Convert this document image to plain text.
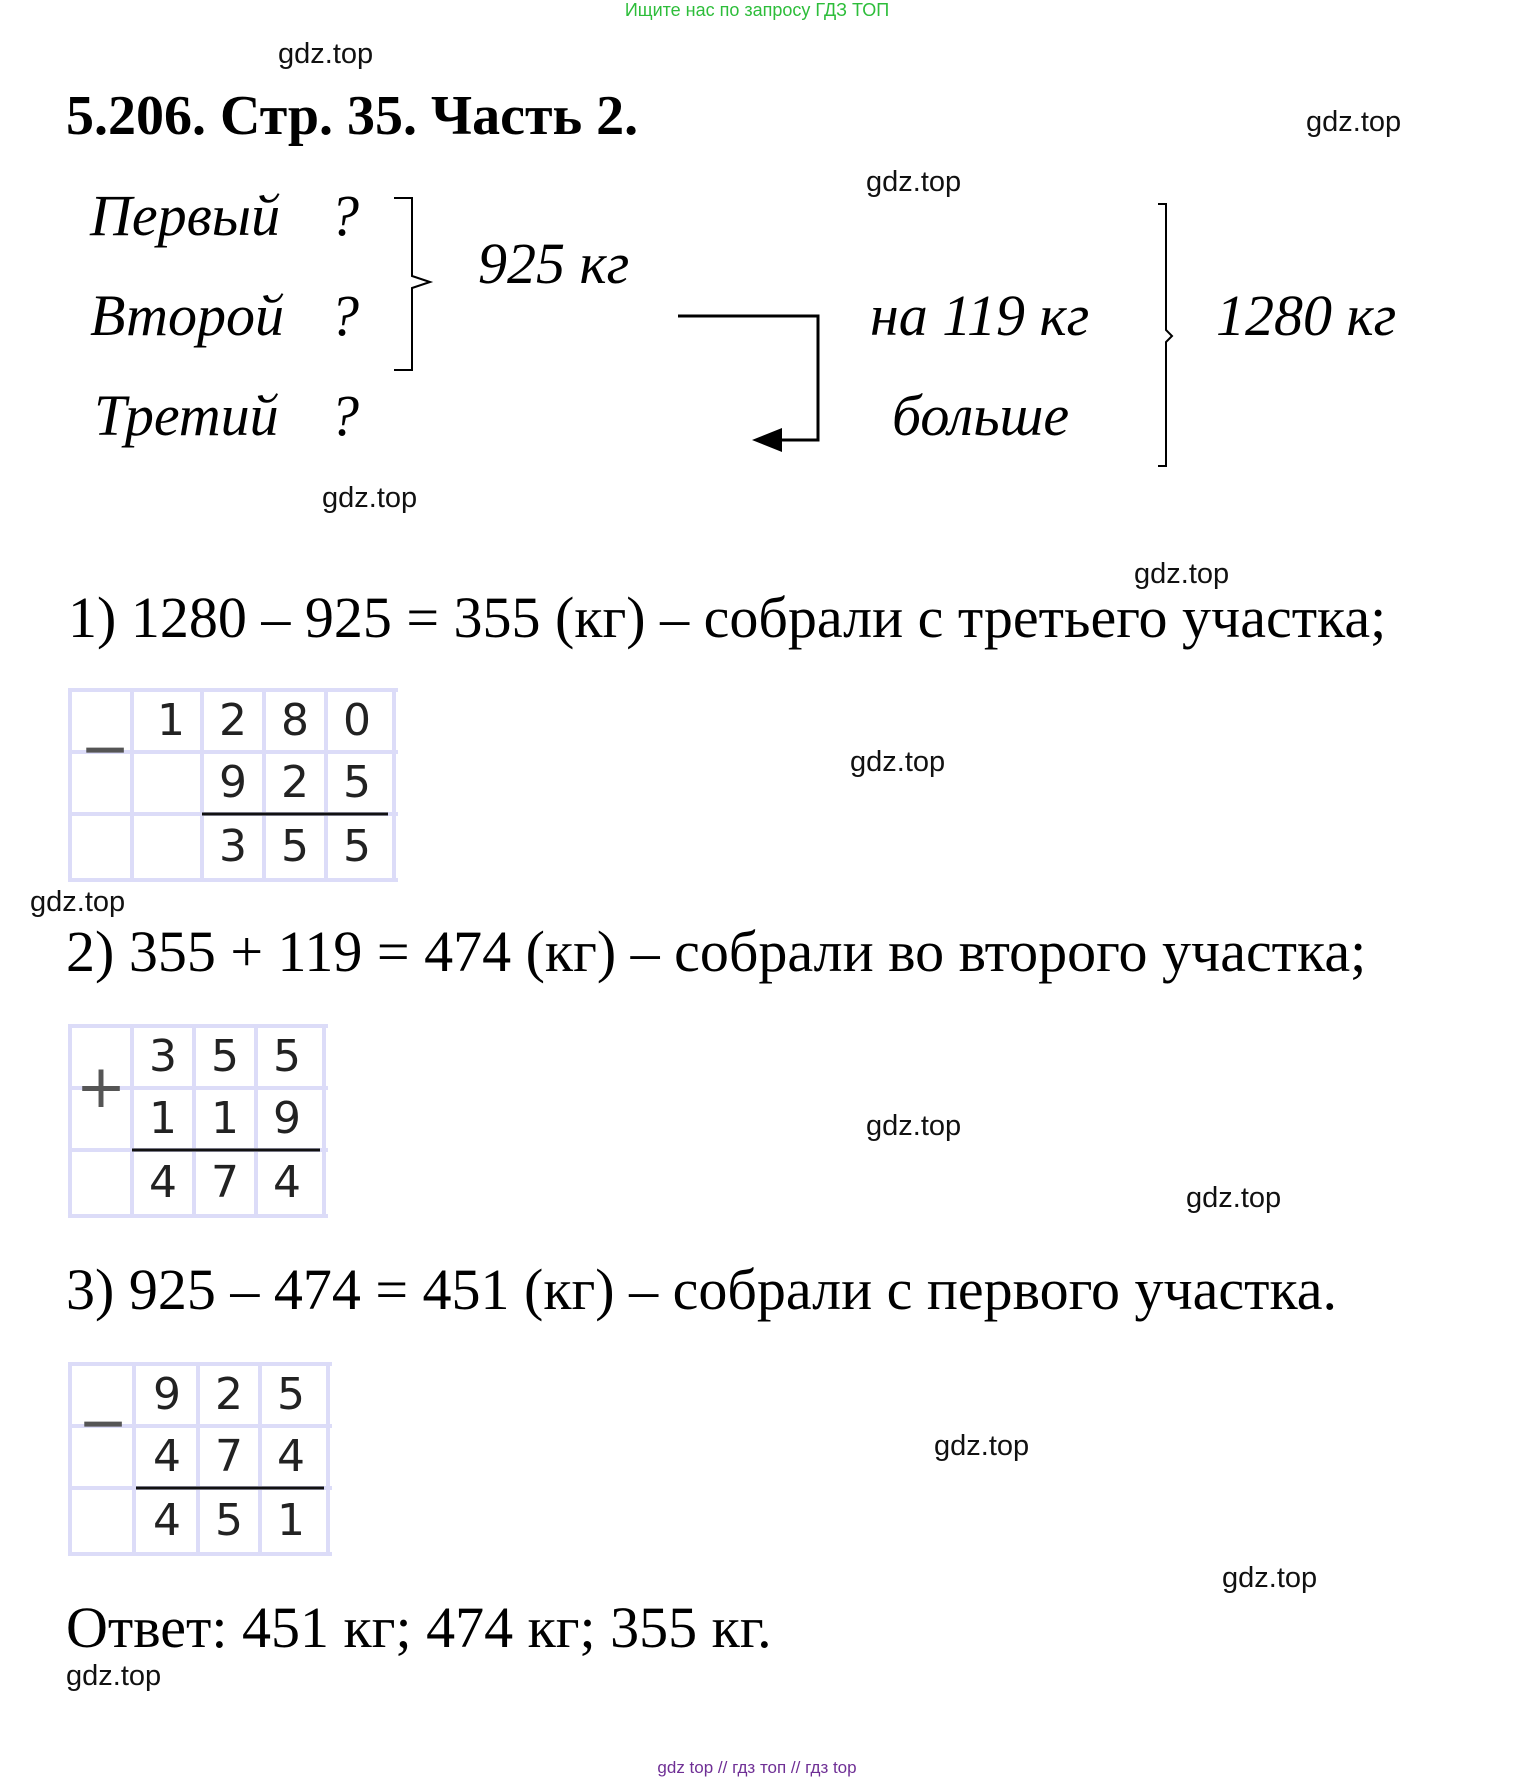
Ищите нас по запросу ГДЗ ТОП
5.206. Стр. 35. Часть 2.
gdz.top
gdz.top
gdz.top
gdz.top
gdz.top
gdz.top
gdz.top
gdz.top
gdz.top
gdz.top
gdz.top
gdz.top
Первый ?
Второй ?
Третий ?
925 кг
на 119 кг
больше
1280 кг
1) 1280 – 925 = 355 (кг) – собрали с третьего участка;
2) 355 + 119 = 474 (кг) – собрали во второго участка;
3) 925 – 474 = 451 (кг) – собрали с первого участка.
− 1 2 8 0
9 2 5
3 5 5
+ 3 5 5
1 1 9
4 7 4
− 9 2 5
4 7 4
4 5 1
Ответ: 451 кг; 474 кг; 355 кг.
gdz top // гдз топ // гдз top
